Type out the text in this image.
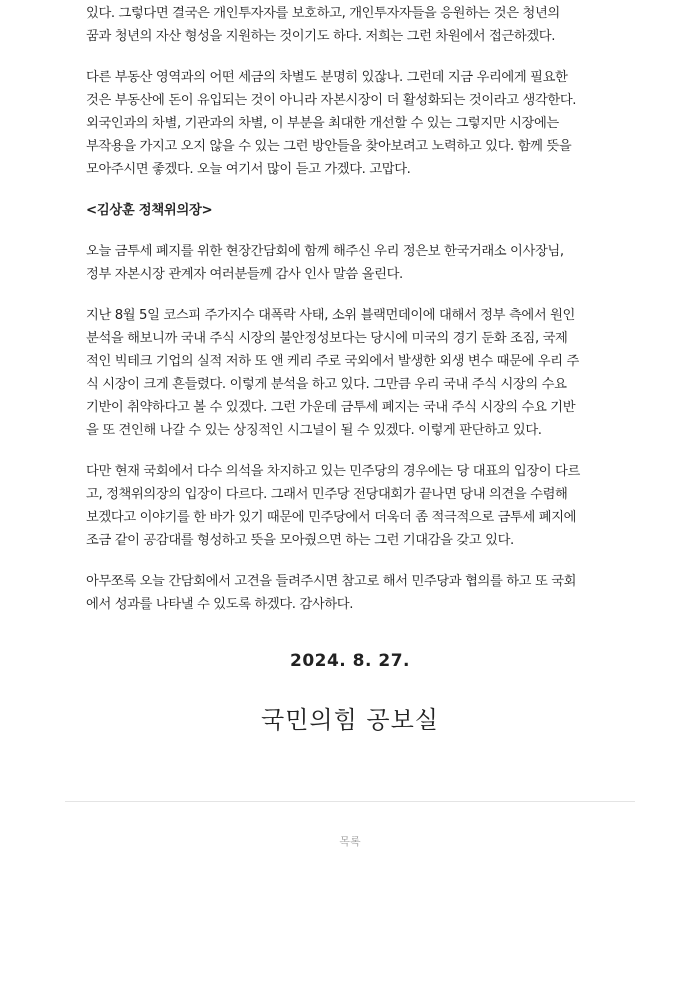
있다. 그렇다면 결국은 개인투자자를 보호하고, 개인투자자들을 응원하는 것은 청년의
꿈과 청년의 자산 형성을 지원하는 것이기도 하다. 저희는 그런 차원에서 접근하겠다.

다른 부동산 영역과의 어떤 세금의 차별도 분명히 있잖나. 그런데 지금 우리에게 필요한
것은 부동산에 돈이 유입되는 것이 아니라 자본시장이 더 활성화되는 것이라고 생각한다.
외국인과의 차별, 기관과의 차별, 이 부분을 최대한 개선할 수 있는 그렇지만 시장에는
부작용을 가지고 오지 않을 수 있는 그런 방안들을 찾아보려고 노력하고 있다. 함께 뜻을
모아주시면 좋겠다. 오늘 여기서 많이 듣고 가겠다. 고맙다.

<김상훈 정책위의장>

오늘 금투세 폐지를 위한 현장간담회에 함께 해주신 우리 정은보 한국거래소 이사장님,
정부 자본시장 관계자 여러분들께 감사 인사 말씀 올린다.

지난 8월 5일 코스피 주가지수 대폭락 사태, 소위 블랙먼데이에 대해서 정부 측에서 원인
분석을 해보니까 국내 주식 시장의 불안정성보다는 당시에 미국의 경기 둔화 조짐, 국제
적인 빅테크 기업의 실적 저하 또 앤 케리 주로 국외에서 발생한 외생 변수 때문에 우리 주
식 시장이 크게 흔들렸다. 이렇게 분석을 하고 있다. 그만큼 우리 국내 주식 시장의 수요
기반이 취약하다고 볼 수 있겠다. 그런 가운데 금투세 폐지는 국내 주식 시장의 수요 기반
을 또 견인해 나갈 수 있는 상징적인 시그널이 될 수 있겠다. 이렇게 판단하고 있다.

다만 현재 국회에서 다수 의석을 차지하고 있는 민주당의 경우에는 당 대표의 입장이 다르
고, 정책위의장의 입장이 다르다. 그래서 민주당 전당대회가 끝나면 당내 의견을 수렴해
보겠다고 이야기를 한 바가 있기 때문에 민주당에서 더욱더 좀 적극적으로 금투세 폐지에
조금 같이 공감대를 형성하고 뜻을 모아줬으면 하는 그런 기대감을 갖고 있다.

아무쪼록 오늘 간담회에서 고견을 들려주시면 참고로 해서 민주당과 협의를 하고 또 국회
에서 성과를 나타낼 수 있도록 하겠다. 감사하다.

2024. 8. 27.
국민의힘 공보실
목록
